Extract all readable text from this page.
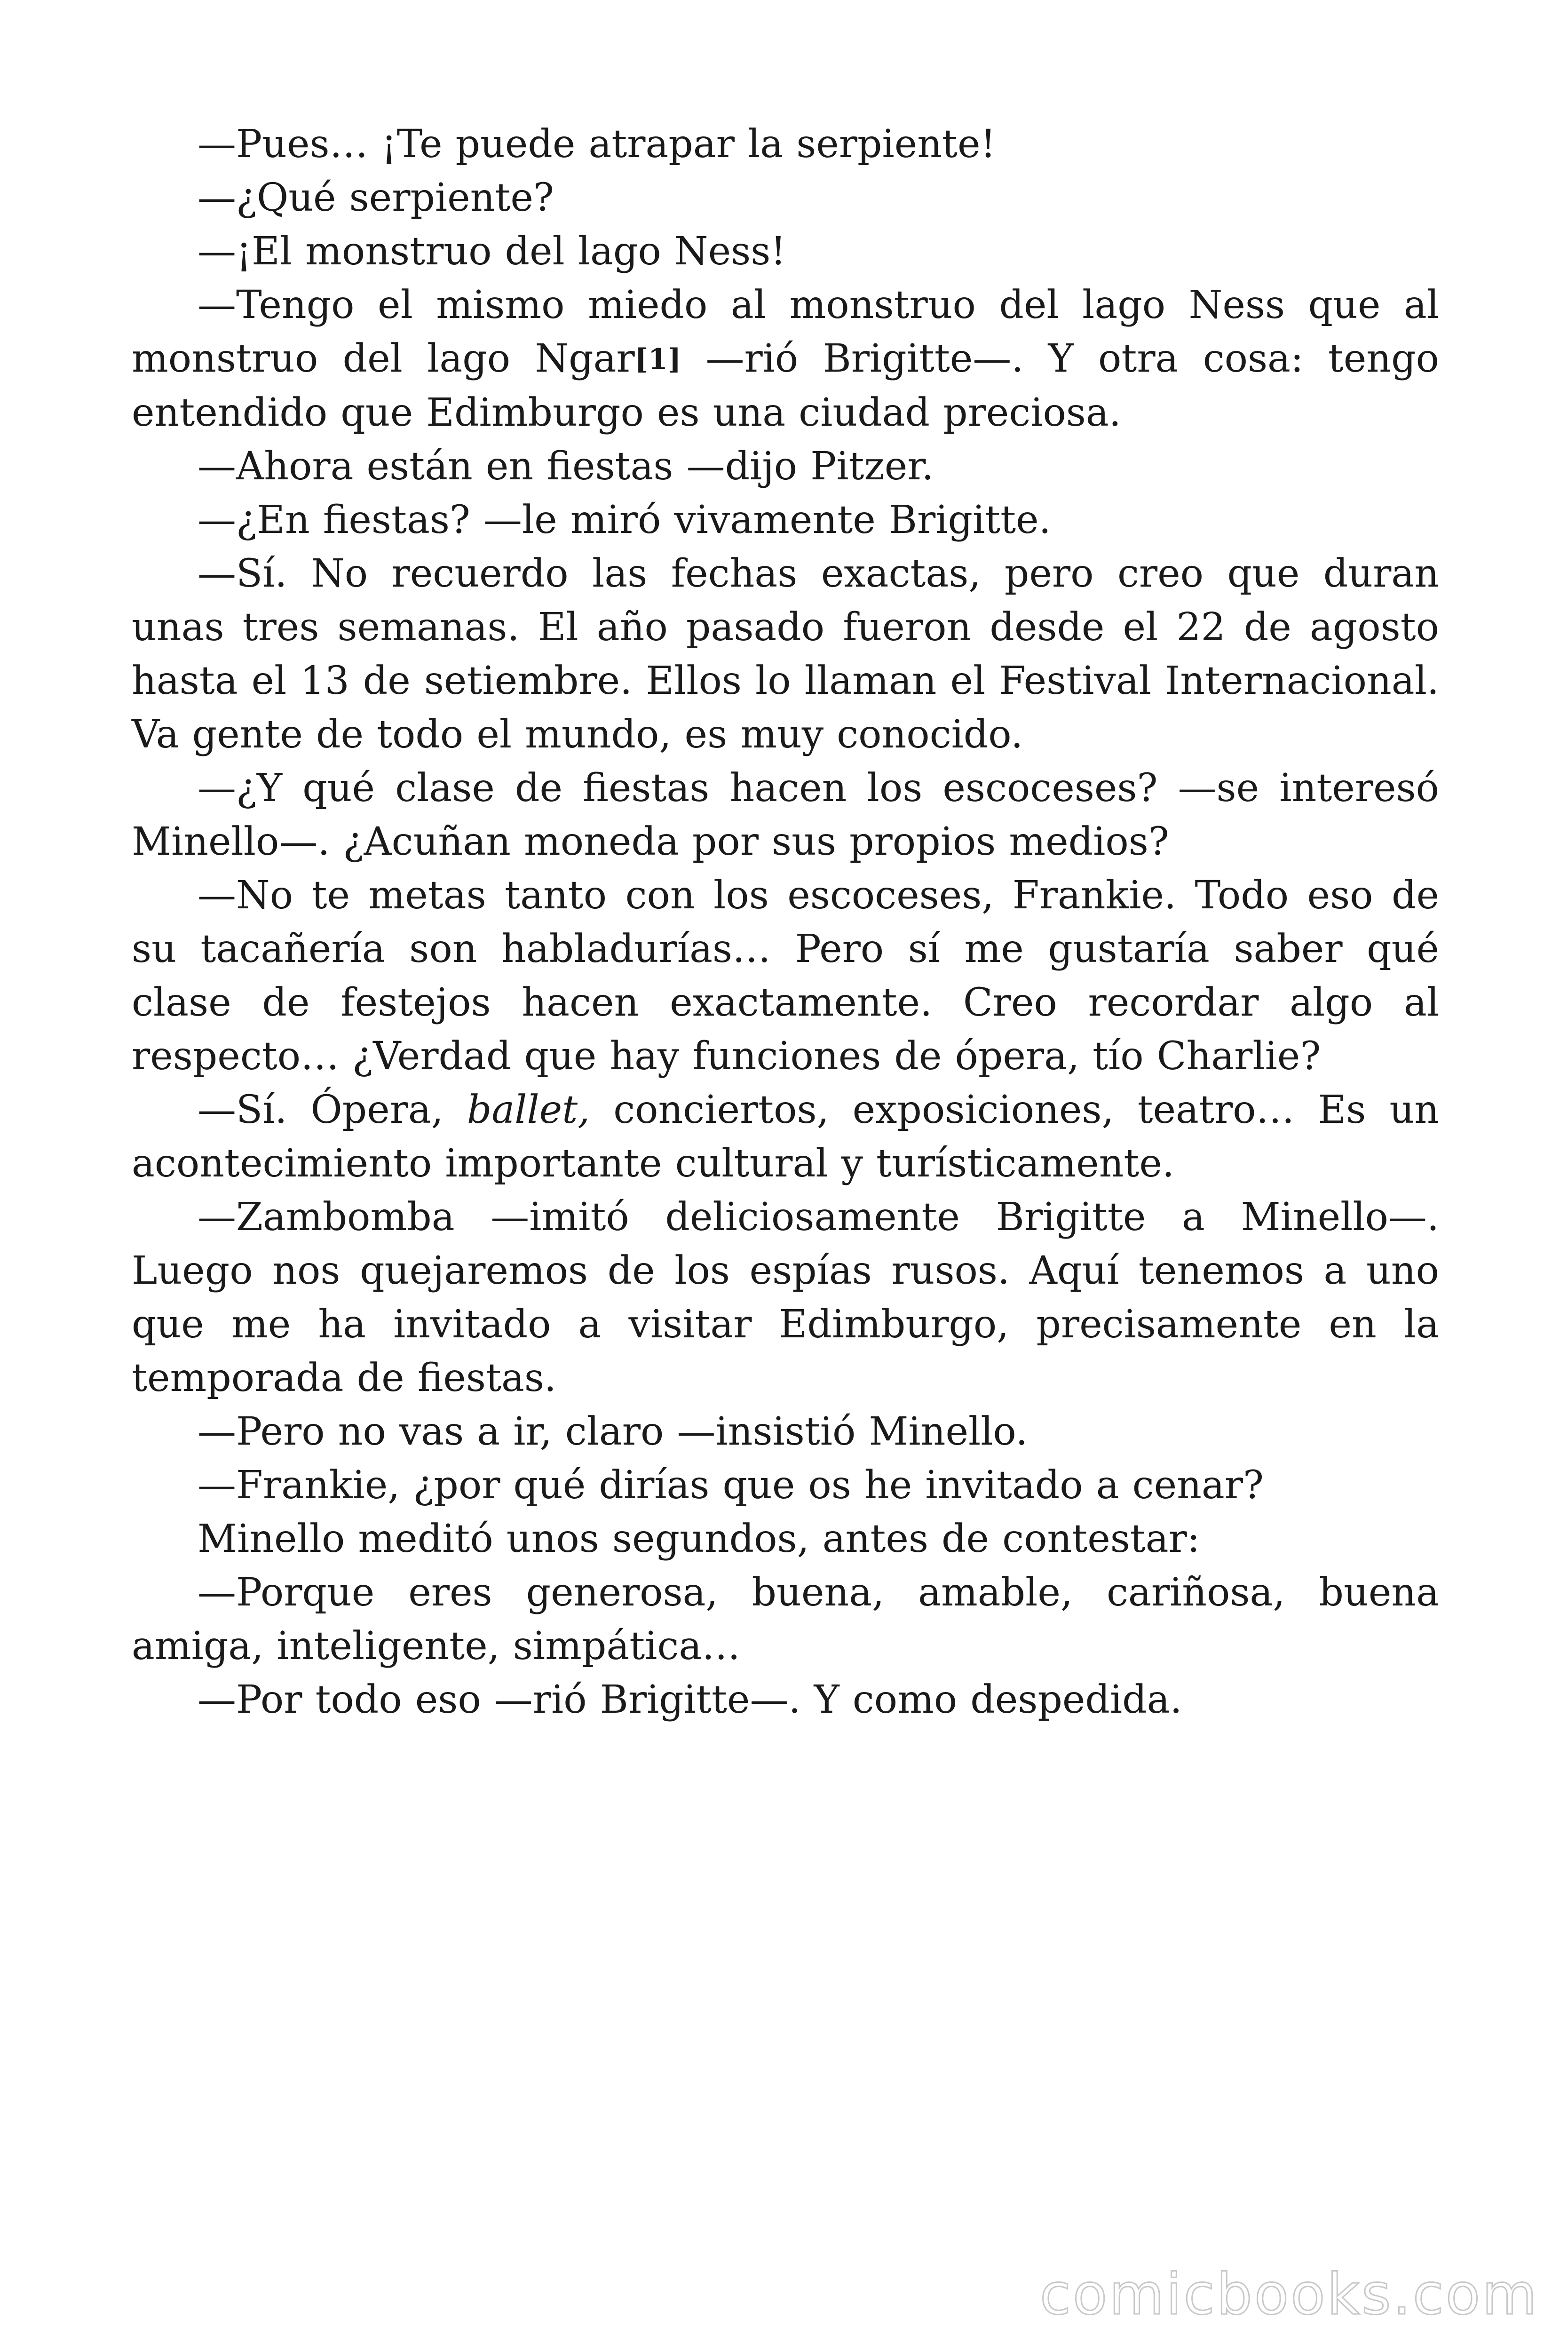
—Pues… ¡Te puede atrapar la serpiente!

—¿Qué serpiente?

—¡El monstruo del lago Ness!

—Tengo el mismo miedo al monstruo del lago Ness que al monstruo del lago Ngar[1] —rió Brigitte—. Y otra cosa: tengo entendido que Edimburgo es una ciudad preciosa.

—Ahora están en fiestas —dijo Pitzer.

—¿En fiestas? —le miró vivamente Brigitte.

—Sí. No recuerdo las fechas exactas, pero creo que duran unas tres semanas. El año pasado fueron desde el 22 de agosto hasta el 13 de setiembre. Ellos lo llaman el Festival Internacional. Va gente de todo el mundo, es muy conocido.

—¿Y qué clase de fiestas hacen los escoceses? —se interesó Minello—. ¿Acuñan moneda por sus propios medios?

—No te metas tanto con los escoceses, Frankie. Todo eso de su tacañería son habladurías… Pero sí me gustaría saber qué clase de festejos hacen exactamente. Creo recordar algo al respecto… ¿Verdad que hay funciones de ópera, tío Charlie?

—Sí. Ópera, ballet, conciertos, exposiciones, teatro… Es un acontecimiento importante cultural y turísticamente.

—Zambomba —imitó deliciosamente Brigitte a Minello—. Luego nos quejaremos de los espías rusos. Aquí tenemos a uno que me ha invitado a visitar Edimburgo, precisamente en la temporada de fiestas.

—Pero no vas a ir, claro —insistió Minello.

—Frankie, ¿por qué dirías que os he invitado a cenar?

Minello meditó unos segundos, antes de contestar:

—Porque eres generosa, buena, amable, cariñosa, buena amiga, inteligente, simpática…

—Por todo eso —rió Brigitte—. Y como despedida.

comicbooks.com
